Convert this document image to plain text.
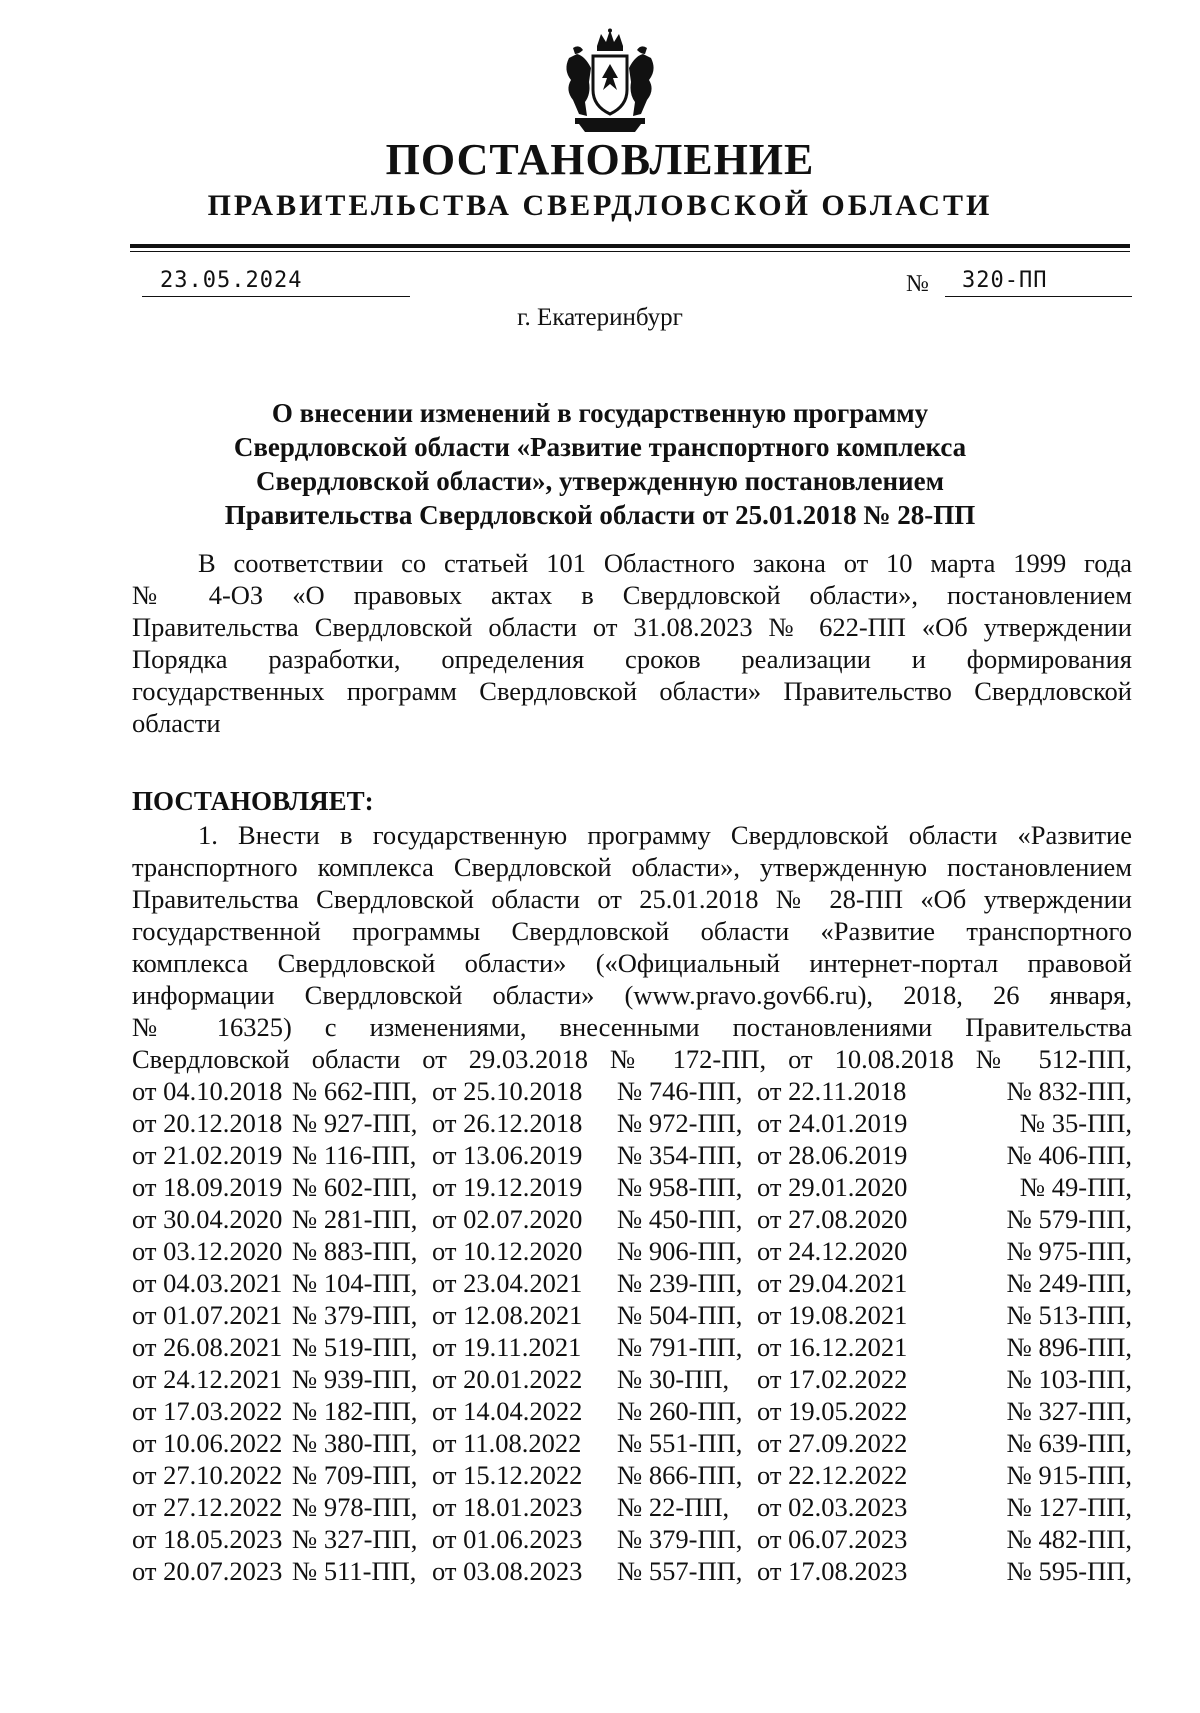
ПОСТАНОВЛЕНИЕ
ПРАВИТЕЛЬСТВА СВЕРДЛОВСКОЙ ОБЛАСТИ
23.05.2024	№ 320-ПП
г. Екатеринбург
О внесении изменений в государственную программу
Свердловской области «Развитие транспортного комплекса
Свердловской области», утвержденную постановлением
Правительства Свердловской области от 25.01.2018 № 28-ПП
В соответствии со статьей 101 Областного закона от 10 марта 1999 года
№ 4-ОЗ «О правовых актах в Свердловской области», постановлением
Правительства Свердловской области от 31.08.2023 № 622-ПП «Об утверждении
Порядка разработки, определения сроков реализации и формирования
государственных программ Свердловской области» Правительство Свердловской
области
ПОСТАНОВЛЯЕТ:
1. Внести в государственную программу Свердловской области «Развитие
транспортного комплекса Свердловской области», утвержденную постановлением
Правительства Свердловской области от 25.01.2018 № 28-ПП «Об утверждении
государственной программы Свердловской области «Развитие транспортного
комплекса Свердловской области» («Официальный интернет-портал правовой
информации Свердловской области» (www.pravo.gov66.ru), 2018, 26 января,
№ 16325) с изменениями, внесенными постановлениями Правительства
Свердловской области от 29.03.2018 № 172-ПП, от 10.08.2018 № 512-ПП,
от 04.10.2018 № 662-ПП, от 25.10.2018	№ 746-ПП, от 22.11.2018	№ 832-ПП,
от 20.12.2018 № 927-ПП, от 26.12.2018	№ 972-ПП, от 24.01.2019	№ 35-ПП,
от 21.02.2019 № 116-ПП, от 13.06.2019	№ 354-ПП, от 28.06.2019	№ 406-ПП,
от 18.09.2019 № 602-ПП, от 19.12.2019	№ 958-ПП, от 29.01.2020	№ 49-ПП,
от 30.04.2020 № 281-ПП, от 02.07.2020	№ 450-ПП, от 27.08.2020	№ 579-ПП,
от 03.12.2020 № 883-ПП, от 10.12.2020	№ 906-ПП, от 24.12.2020	№ 975-ПП,
от 04.03.2021 № 104-ПП, от 23.04.2021	№ 239-ПП, от 29.04.2021	№ 249-ПП,
от 01.07.2021 № 379-ПП, от 12.08.2021	№ 504-ПП, от 19.08.2021	№ 513-ПП,
от 26.08.2021 № 519-ПП, от 19.11.2021	№ 791-ПП, от 16.12.2021	№ 896-ПП,
от 24.12.2021 № 939-ПП, от 20.01.2022	№ 30-ПП,	от 17.02.2022	№ 103-ПП,
от 17.03.2022 № 182-ПП, от 14.04.2022	№ 260-ПП, от 19.05.2022	№ 327-ПП,
от 10.06.2022 № 380-ПП, от 11.08.2022	№ 551-ПП, от 27.09.2022	№ 639-ПП,
от 27.10.2022 № 709-ПП, от 15.12.2022	№ 866-ПП, от 22.12.2022	№ 915-ПП,
от 27.12.2022 № 978-ПП, от 18.01.2023	№ 22-ПП,	от 02.03.2023	№ 127-ПП,
от 18.05.2023 № 327-ПП, от 01.06.2023	№ 379-ПП, от 06.07.2023	№ 482-ПП,
от 20.07.2023 № 511-ПП, от 03.08.2023	№ 557-ПП, от 17.08.2023	№ 595-ПП,
